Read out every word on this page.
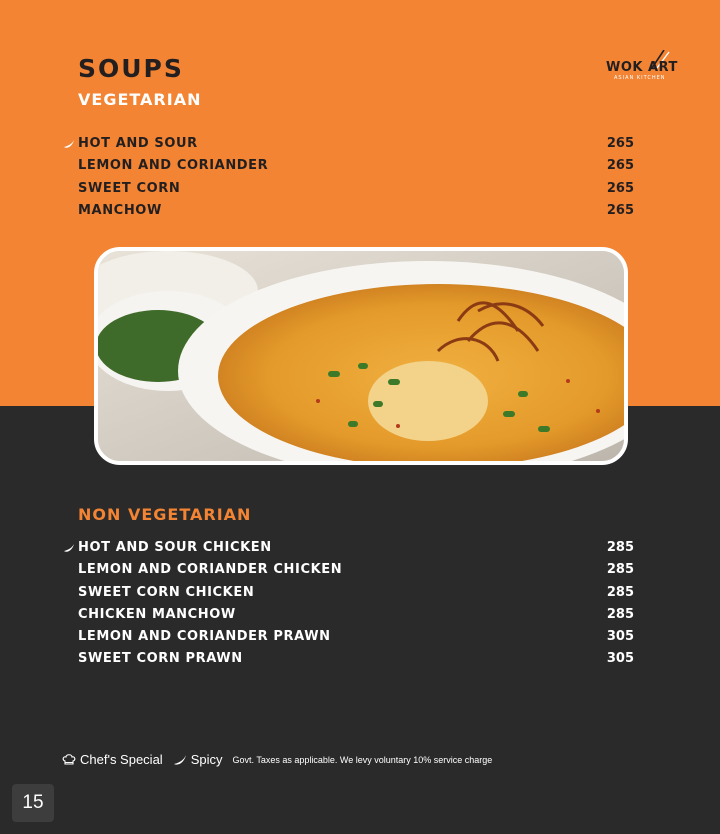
SOUPS
VEGETARIAN
WOK ART
ASIAN KITCHEN
HOT AND SOUR	265
LEMON AND CORIANDER	265
SWEET CORN	265
MANCHOW	265
NON VEGETARIAN
HOT AND SOUR CHICKEN	285
LEMON AND CORIANDER CHICKEN	285
SWEET CORN CHICKEN	285
CHICKEN MANCHOW	285
LEMON AND CORIANDER PRAWN	305
SWEET CORN PRAWN	305
Chef's Special Spicy Govt. Taxes as applicable. We levy voluntary 10% service charge
15
